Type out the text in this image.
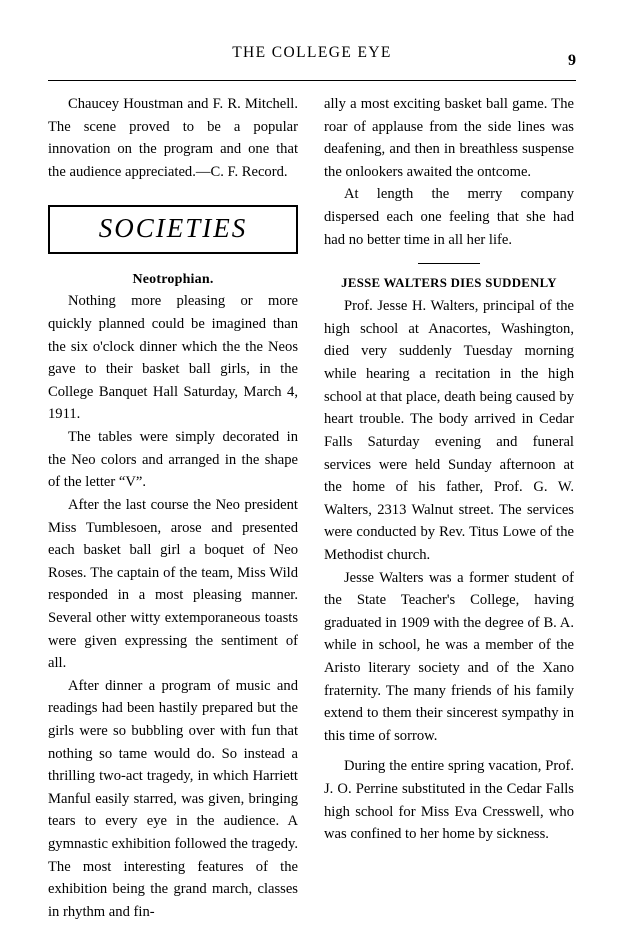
THE COLLEGE EYE	9

Chaucey Houstman and F. R. Mitchell. The scene proved to be a popular innovation on the program and one that the audience appreciated.—C. F. Record.

SOCIETIES
Neotrophian.

Nothing more pleasing or more quickly planned could be imagined than the six o'clock dinner which the the Neos gave to their basket ball girls, in the College Banquet Hall Saturday, March 4, 1911.

The tables were simply decorated in the Neo colors and arranged in the shape of the letter “V”.

After the last course the Neo president Miss Tumblesoen, arose and presented each basket ball girl a boquet of Neo Roses. The captain of the team, Miss Wild responded in a most pleasing manner. Several other witty extemporaneous toasts were given expressing the sentiment of all.

After dinner a program of music and readings had been hastily prepared but the girls were so bubbling over with fun that nothing so tame would do. So instead a thrilling two-act tragedy, in which Harriett Manful easily starred, was given, bringing tears to every eye in the audience. A gymnastic exhibition followed the tragedy. The most interesting features of the exhibition being the grand march, classes in rhythm and fin-

ally a most exciting basket ball game. The roar of applause from the side lines was deafening, and then in breathless suspense the onlookers awaited the ontcome.

At length the merry company dispersed each one feeling that she had had no better time in all her life.

JESSE WALTERS DIES SUDDENLY

Prof. Jesse H. Walters, principal of the high school at Anacortes, Washington, died very suddenly Tuesday morning while hearing a recitation in the high school at that place, death being caused by heart trouble. The body arrived in Cedar Falls Saturday evening and funeral services were held Sunday afternoon at the home of his father, Prof. G. W. Walters, 2313 Walnut street. The services were conducted by Rev. Titus Lowe of the Methodist church.

Jesse Walters was a former student of the State Teacher's College, having graduated in 1909 with the degree of B. A. while in school, he was a member of the Aristo literary society and of the Xano fraternity. The many friends of his family extend to them their sincerest sympathy in this time of sorrow.

During the entire spring vacation, Prof. J. O. Perrine substituted in the Cedar Falls high school for Miss Eva Cresswell, who was confined to her home by sickness.
